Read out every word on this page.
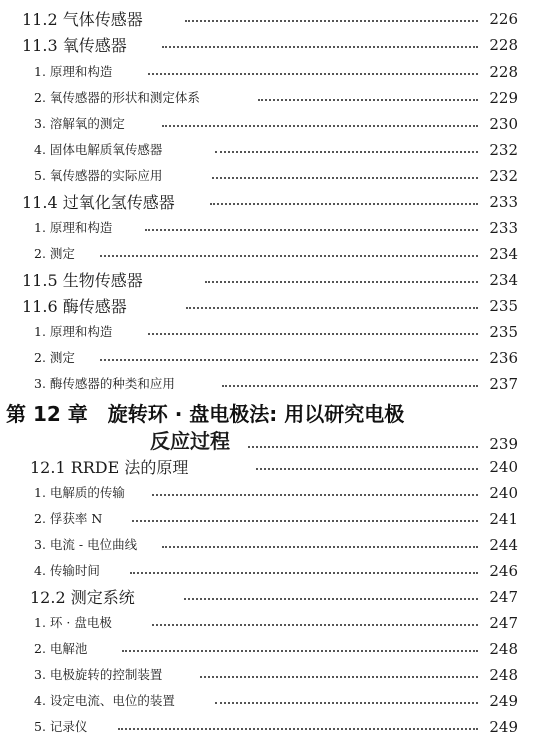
11.2 气体传感器	226
11.3 氧传感器	228
1. 原理和构造	228
2. 氧传感器的形状和测定体系	229
3. 溶解氧的测定	230
4. 固体电解质氧传感器	232
5. 氧传感器的实际应用	232
11.4 过氧化氢传感器	233
1. 原理和构造	233
2. 测定	234
11.5 生物传感器	234
11.6 酶传感器	235
1. 原理和构造	235
2. 测定	236
3. 酶传感器的种类和应用	237
第 12 章　旋转环 · 盘电极法: 用以研究电极
反应过程	239
12.1 RRDE 法的原理	240
1. 电解质的传输	240
2. 俘获率 N	241
3. 电流 - 电位曲线	244
4. 传输时间	246
12.2 测定系统	247
1. 环 · 盘电极	247
2. 电解池	248
3. 电极旋转的控制装置	248
4. 设定电流、电位的装置	249
5. 记录仪	249
